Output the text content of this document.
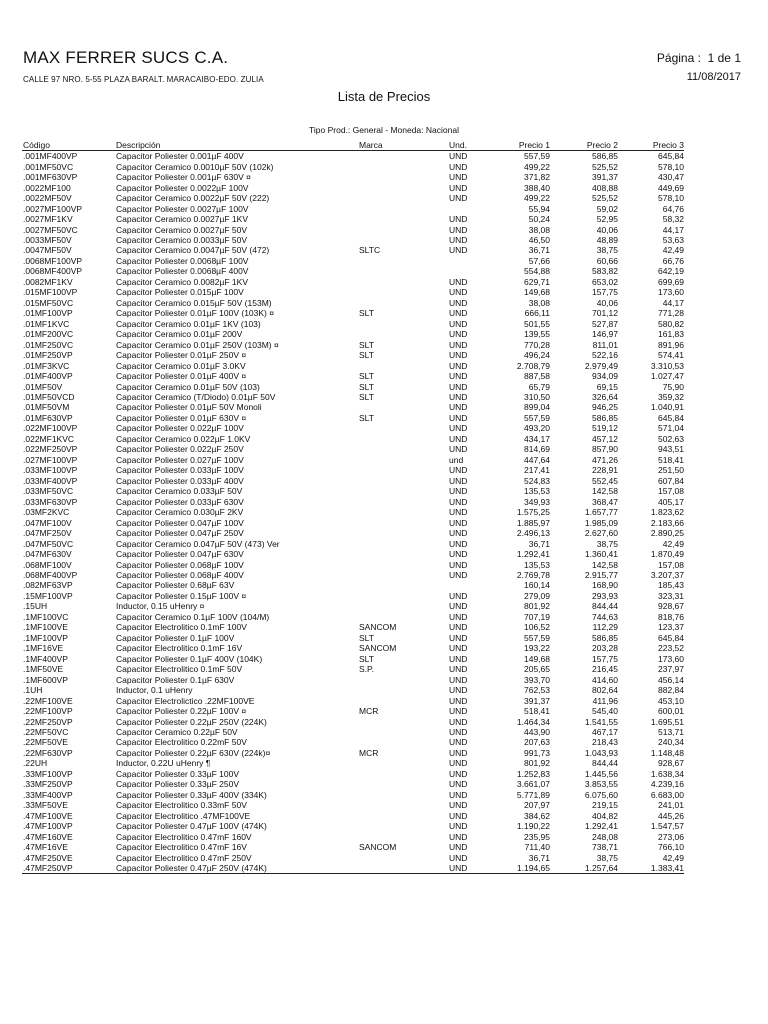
MAX FERRER SUCS C.A.	Página : 1 de 1
CALLE 97 NRO. 5-55 PLAZA BARALT. MARACAIBO-EDO. ZULIA	11/08/2017
Lista de Precios
Tipo Prod.: General - Moneda: Nacional
Código	Descripción	Marca	Und.	Precio 1	Precio 2	Precio 3
.001MF400VP	Capacitor Poliester 0.001µF 400V		UND	557,59	586,85	645,84
.001MF50VC	Capacitor Ceramico 0.0010µF 50V (102k)		UND	499,22	525,52	578,10
.001MF630VP	Capacitor Poliester 0.001µF 630V ¤		UND	371,82	391,37	430,47
.0022MF100	Capacitor Poliester 0.0022µF 100V		UND	388,40	408,88	449,69
.0022MF50V	Capacitor Ceramico 0.0022µF 50V (222)		UND	499,22	525,52	578,10
.0027MF100VP	Capacitor Poliester 0.0027µF 100V			55,94	59,02	64,76
.0027MF1KV	Capacitor Ceramico 0.0027µF 1KV		UND	50,24	52,95	58,32
.0027MF50VC	Capacitor Ceramico 0.0027µF 50V		UND	38,08	40,06	44,17
.0033MF50V	Capacitor Ceramico 0.0033µF 50V		UND	46,50	48,89	53,63
.0047MF50V	Capacitor Ceramico 0.0047µF 50V (472)	SLTC	UND	36,71	38,75	42,49
.0068MF100VP	Capacitor Poliester 0.0068µF 100V			57,66	60,66	66,76
.0068MF400VP	Capacitor Poliester 0.0068µF 400V			554,88	583,82	642,19
.0082MF1KV	Capacitor Ceramico 0.0082µF 1KV		UND	629,71	653,02	699,69
.015MF100VP	Capacitor Poliester 0.015µF 100V		UND	149,68	157,75	173,60
.015MF50VC	Capacitor Ceramico 0.015µF 50V (153M)		UND	38,08	40,06	44,17
.01MF100VP	Capacitor Poliester 0.01µF 100V (103K) ¤	SLT	UND	666,11	701,12	771,28
.01MF1KVC	Capacitor Ceramico 0.01µF 1KV (103)		UND	501,55	527,87	580,82
.01MF200VC	Capacitor Ceramico 0.01µF 200V		UND	139,55	146,97	161,83
.01MF250VC	Capacitor Ceramico 0.01µF 250V (103M) ¤	SLT	UND	770,28	811,01	891,96
.01MF250VP	Capacitor Poliester 0.01µF 250V ¤	SLT	UND	496,24	522,16	574,41
.01MF3KVC	Capacitor Ceramico 0.01µF 3.0KV		UND	2.708,79	2.979,49	3.310,53
.01MF400VP	Capacitor Poliester 0.01µF 400V ¤	SLT	UND	887,58	934,09	1.027,47
.01MF50V	Capacitor Ceramico 0.01µF 50V (103)	SLT	UND	65,79	69,15	75,90
.01MF50VCD	Capacitor Ceramico (T/Diodo) 0.01µF 50V	SLT	UND	310,50	326,64	359,32
.01MF50VM	Capacitor Poliester 0.01µF 50V Monoli		UND	899,04	946,25	1.040,91
.01MF630VP	Capacitor Poliester 0.01µF 630V ¤	SLT	UND	557,59	586,85	645,84
.022MF100VP	Capacitor Poliester 0.022µF 100V		UND	493,20	519,12	571,04
.022MF1KVC	Capacitor Ceramico 0.022µF 1.0KV		UND	434,17	457,12	502,63
.022MF250VP	Capacitor Poliester 0.022µF 250V		UND	814,69	857,90	943,51
.027MF100VP	Capacitor Poliester 0.027µF 100V		und	447,64	471,26	518,41
.033MF100VP	Capacitor Poliester 0.033µF 100V		UND	217,41	228,91	251,50
.033MF400VP	Capacitor Poliester 0.033µF 400V		UND	524,83	552,45	607,84
.033MF50VC	Capacitor Ceramico 0.033µF 50V		UND	135,53	142,58	157,08
.033MF630VP	Capacitor Poliester 0.033µF 630V		UND	349,93	368,47	405,17
.03MF2KVC	Capacitor Ceramico 0.030µF 2KV		UND	1.575,25	1.657,77	1.823,62
.047MF100V	Capacitor Poliester 0.047µF 100V		UND	1.885,97	1.985,09	2.183,66
.047MF250V	Capacitor Poliester 0.047µF 250V		UND	2.496,13	2.627,60	2.890,25
.047MF50VC	Capacitor Ceramico 0.047µF 50V (473) Ver		UND	36,71	38,75	42,49
.047MF630V	Capacitor Poliester 0.047µF 630V		UND	1.292,41	1.360,41	1.870,49
.068MF100V	Capacitor Poliester 0.068µF 100V		UND	135,53	142,58	157,08
.068MF400VP	Capacitor Poliester 0.068µF 400V		UND	2.769,78	2.915,77	3.207,37
.082MF63VP	Capacitor Poliester 0.68µF 63V			160,14	168,90	185,43
.15MF100VP	Capacitor Poliester 0.15µF 100V ¤		UND	279,09	293,93	323,31
.15UH	Inductor, 0.15 uHenry ¤		UND	801,92	844,44	928,67
.1MF100VC	Capacitor Ceramico 0.1µF 100V (104/M)		UND	707,19	744,63	818,76
.1MF100VE	Capacitor Electrolitico 0.1mF 100V	SANCOM	UND	106,52	112,29	123,37
.1MF100VP	Capacitor Poliester 0.1µF 100V	SLT	UND	557,59	586,85	645,84
.1MF16VE	Capacitor Electrolitico 0.1mF 16V	SANCOM	UND	193,22	203,28	223,52
.1MF400VP	Capacitor Poliester 0.1µF 400V (104K)	SLT	UND	149,68	157,75	173,60
.1MF50VE	Capacitor Electrolitico 0.1mF 50V	S.P.	UND	205,65	216,45	237,97
.1MF600VP	Capacitor Poliester 0.1µF 630V		UND	393,70	414,60	456,14
.1UH	Inductor, 0.1 uHenry		UND	762,53	802,64	882,84
.22MF100VE	Capacitor Electrolictico .22MF100VE		UND	391,37	411,96	453,10
.22MF100VP	Capacitor Poliester 0.22µF 100V ¤	MCR	UND	518,41	545,40	600,01
.22MF250VP	Capacitor Poliester 0.22µF 250V (224K)		UND	1.464,34	1.541,55	1.695,51
.22MF50VC	Capacitor Ceramico 0.22µF 50V		UND	443,90	467,17	513,71
.22MF50VE	Capacitor Electrolitico 0.22mF 50V		UND	207,63	218,43	240,34
.22MF630VP	Capacitor Poliester 0.22µF 630V (224k)¤	MCR	UND	991,73	1.043,93	1.148,48
.22UH	Inductor, 0.22U uHenry ¶		UND	801,92	844,44	928,67
.33MF100VP	Capacitor Poliester 0.33µF 100V		UND	1.252,83	1.445,56	1.638,34
.33MF250VP	Capacitor Poliester 0.33µF 250V		UND	3.661,07	3.853,55	4.239,16
.33MF400VP	Capacitor Poliester 0.33µF 400V (334K)		UND	5.771,89	6.075,60	6.683,00
.33MF50VE	Capacitor Electrolitico 0.33mF 50V		UND	207,97	219,15	241,01
.47MF100VE	Capacitor Electrolitico .47MF100VE		UND	384,62	404,82	445,26
.47MF100VP	Capacitor Poliester 0.47µF 100V (474K)		UND	1.190,22	1.292,41	1.547,57
.47MF160VE	Capacitor Electrolitico 0.47mF 160V		UND	235,95	248,08	273,06
.47MF16VE	Capacitor Electrolitico 0.47mF 16V	SANCOM	UND	711,40	738,71	766,10
.47MF250VE	Capacitor Electrolitico 0.47mF 250V		UND	36,71	38,75	42,49
.47MF250VP	Capacitor Poliester 0.47µF 250V (474K)		UND	1.194,65	1.257,64	1.383,41
